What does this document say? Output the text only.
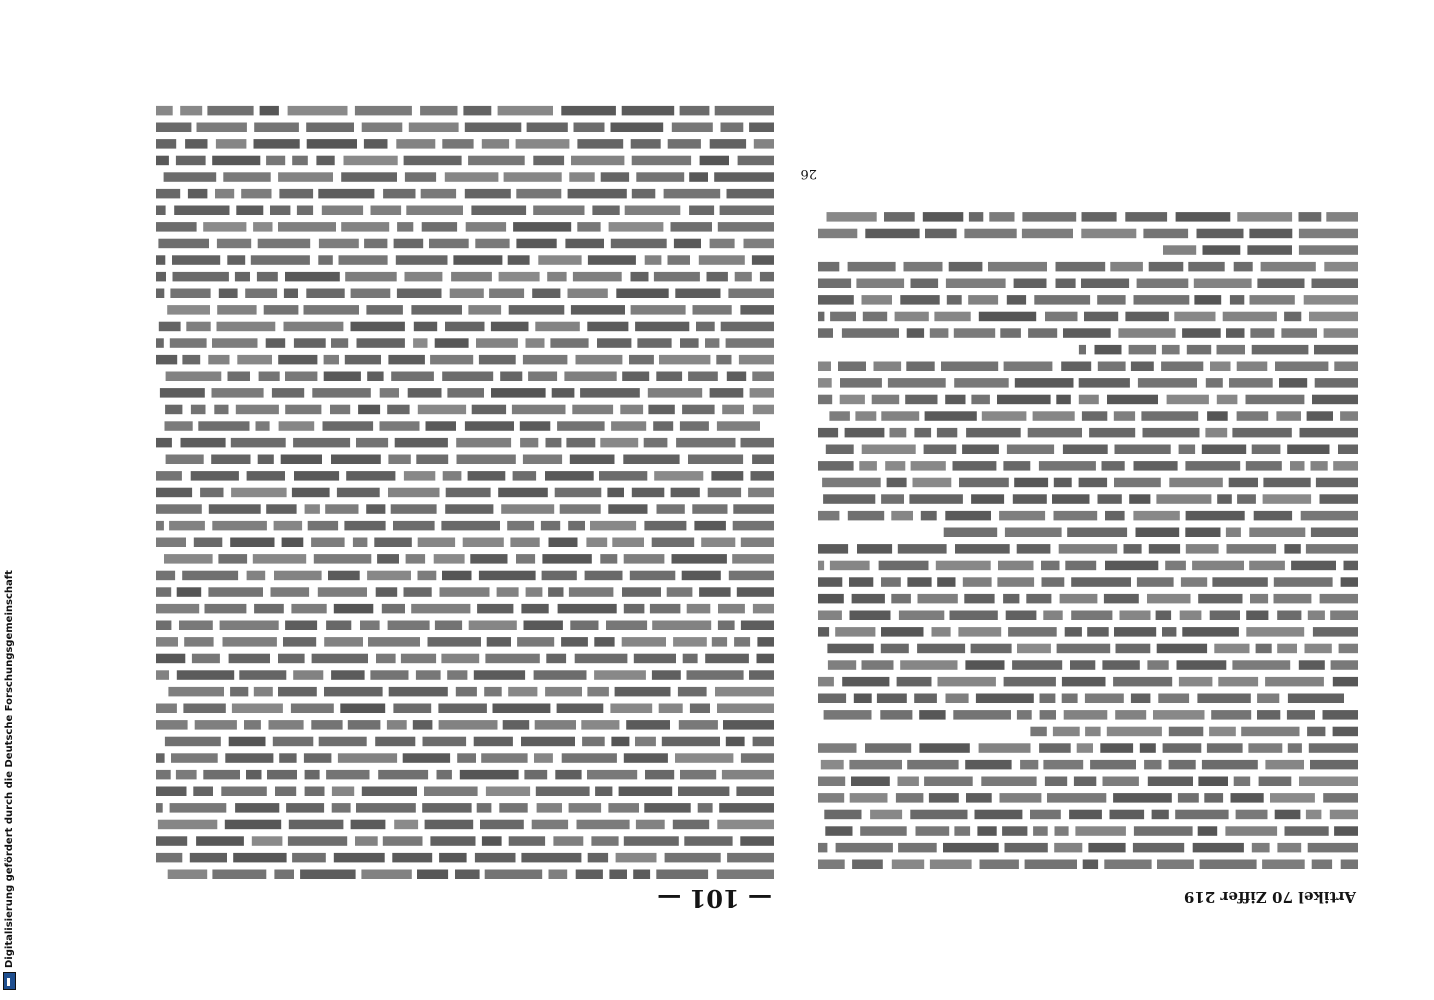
Digitalisierung gefördert durch die Deutsche Forschungsgemeinschaft	Artikel 70 Ziffer 219
— 101 —
26
